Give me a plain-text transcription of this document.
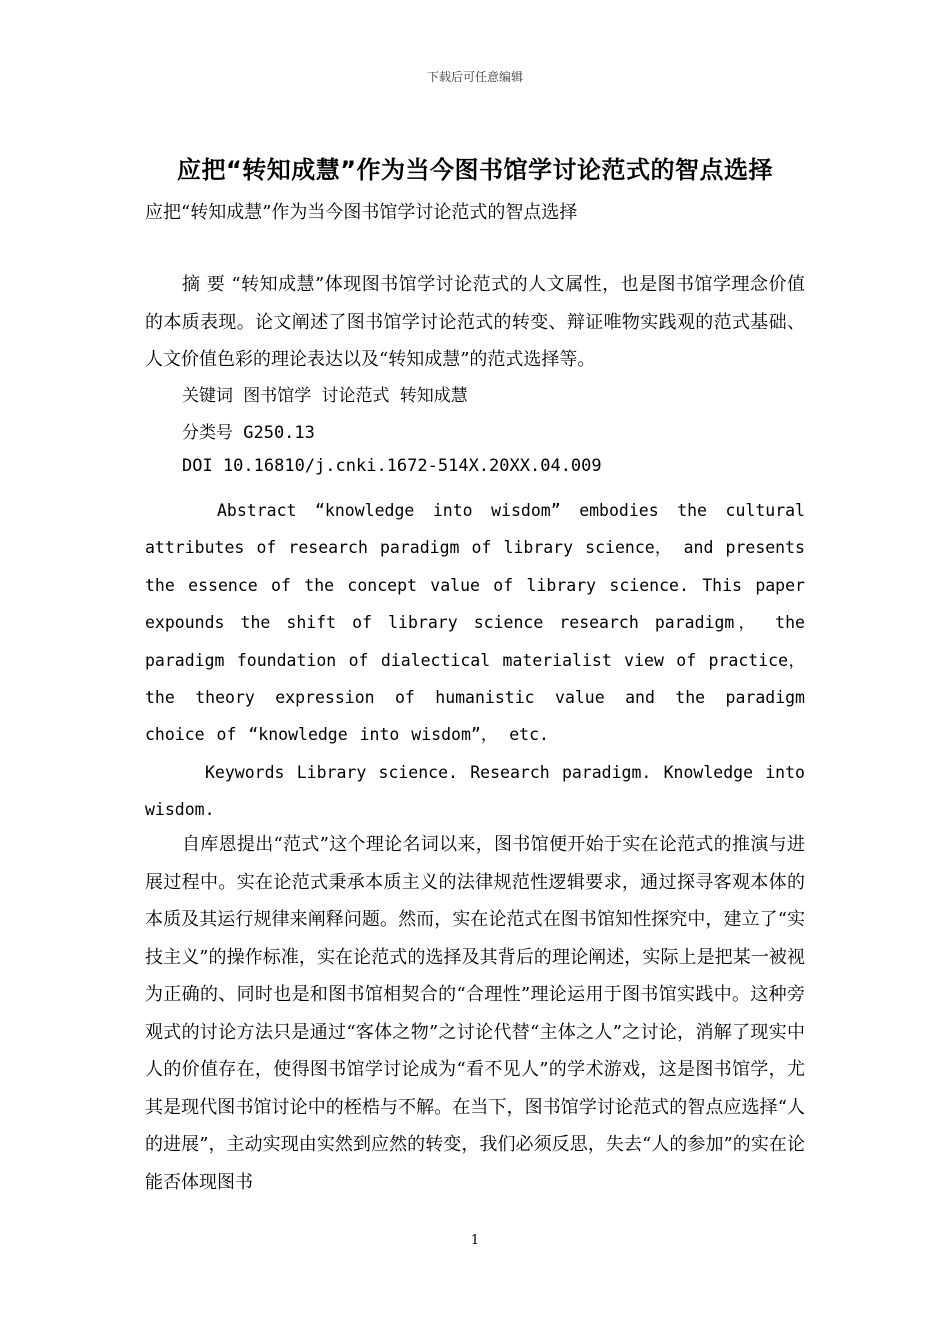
下载后可任意编辑
应把“转知成慧”作为当今图书馆学讨论范式的智点选择
应把“转知成慧”作为当今图书馆学讨论范式的智点选择

摘 要 “转知成慧”体现图书馆学讨论范式的人文属性，也是图书馆学理念价值的本质表现。论文阐述了图书馆学讨论范式的转变、辩证唯物实践观的范式基础、人文价值色彩的理论表达以及“转知成慧”的范式选择等。

关键词 图书馆学 讨论范式 转知成慧
分类号 G250.13
DOI 10.16810/j.cnki.1672-514X.20XX.04.009

Abstract “knowledge into wisdom” embodies the cultural attributes of research paradigm of library science， and presents the essence of the concept value of library science. This paper expounds the shift of library science research paradigm， the paradigm foundation of dialectical materialist view of practice， the theory expression of humanistic value and the paradigm choice of “knowledge into wisdom”， etc.

Keywords Library science. Research paradigm. Knowledge into wisdom.

自库恩提出“范式”这个理论名词以来，图书馆便开始于实在论范式的推演与进展过程中。实在论范式秉承本质主义的法律规范性逻辑要求，通过探寻客观本体的本质及其运行规律来阐释问题。然而，实在论范式在图书馆知性探究中，建立了“实技主义”的操作标准，实在论范式的选择及其背后的理论阐述，实际上是把某一被视为正确的、同时也是和图书馆相契合的“合理性”理论运用于图书馆实践中。这种旁观式的讨论方法只是通过“客体之物”之讨论代替“主体之人”之讨论，消解了现实中人的价值存在，使得图书馆学讨论成为“看不见人”的学术游戏，这是图书馆学，尤其是现代图书馆讨论中的桎梏与不解。在当下，图书馆学讨论范式的智点应选择“人的进展”，主动实现由实然到应然的转变，我们必须反思，失去“人的参加”的实在论能否体现图书

1
